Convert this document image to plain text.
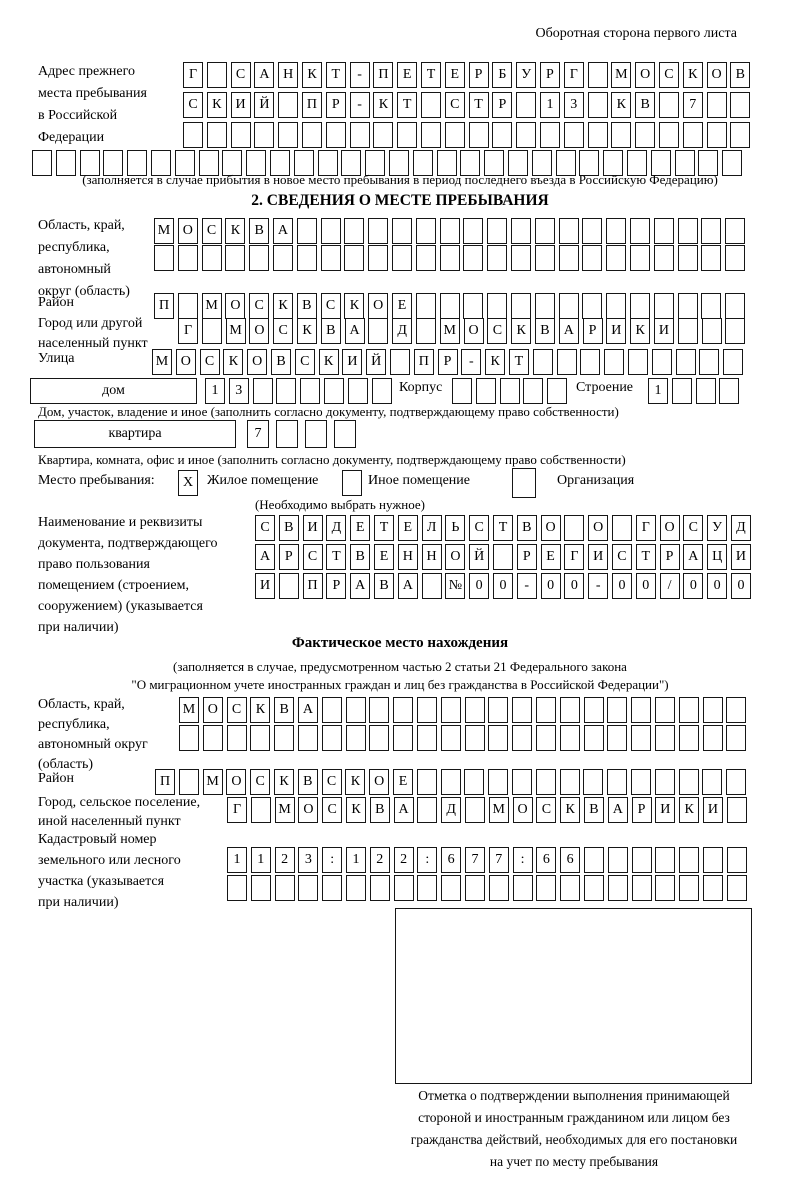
Оборотная сторона первого листа
Адрес прежнего
места пребывания
в Российской
Федерации
Г	С	А Н	К	Т	-	П	Е	Т	Е	Р	Б	У	Р	Г	М О	С	К	О	В
С	К	И Й	П	Р	-	К	Т	С	Т	Р	1	3	К	В	7
(заполняется в случае прибытия в новое место пребывания в период последнего въезда в Российскую Федерацию)
2. СВЕДЕНИЯ О МЕСТЕ ПРЕБЫВАНИЯ
Область, край,
республика,
автономный
округ (область)
М О	С	К	В	А
Район	П	М О	С	К	В	С	К	О	Е
Город или другой
населенный пункт
Г	М О	С	К	В	А	Д	М О	С	К	В	А	Р	И	К	И
Улица	М О	С	К	О	В	С	К	И Й	П	Р	-	К	Т
дом	1	3	Корпус	Строение	1
Дом, участок, владение и иное (заполнить согласно документу, подтверждающему право собственности)
квартира	7
Квартира, комната, офис и иное (заполнить согласно документу, подтверждающему право собственности)
Место пребывания:	X Жилое помещение	Иное помещение	Организация
(Необходимо выбрать нужное)
Наименование и реквизиты
документа, подтверждающего
право пользования
помещением (строением,
сооружением) (указывается
при наличии)
С	В	И Д	Е	Т	Е	Л	Ь	С	Т	В	О	О	Г	О	С	У	Д
А	Р	С	Т	В	Е	Н Н О Й	Р	Е	Г	И	С	Т	Р	А Ц И
И	П	Р	А	В	А	№ 0	0	-	0	0	-	0	0	/	0	0	0
Фактическое место нахождения
(заполняется в случае, предусмотренном частью 2 статьи 21 Федерального закона
"О миграционном учете иностранных граждан и лиц без гражданства в Российской Федерации")
Область, край,
республика,
автономный округ
(область)
М О	С	К	В	А
Район	П	М О	С	К	В	С	К	О	Е
Город, сельское поселение,
иной населенный пункт
Г	М О	С	К	В	А	Д	М О	С	К	В	А	Р	И	К	И
Кадастровый номер
земельного или лесного
участка (указывается
при наличии)
1	1	2	3	:	1	2	2	:	6	7	7	:	6	6
Отметка о подтверждении выполнения принимающей
стороной и иностранным гражданином или лицом без
гражданства действий, необходимых для его постановки
на учет по месту пребывания
